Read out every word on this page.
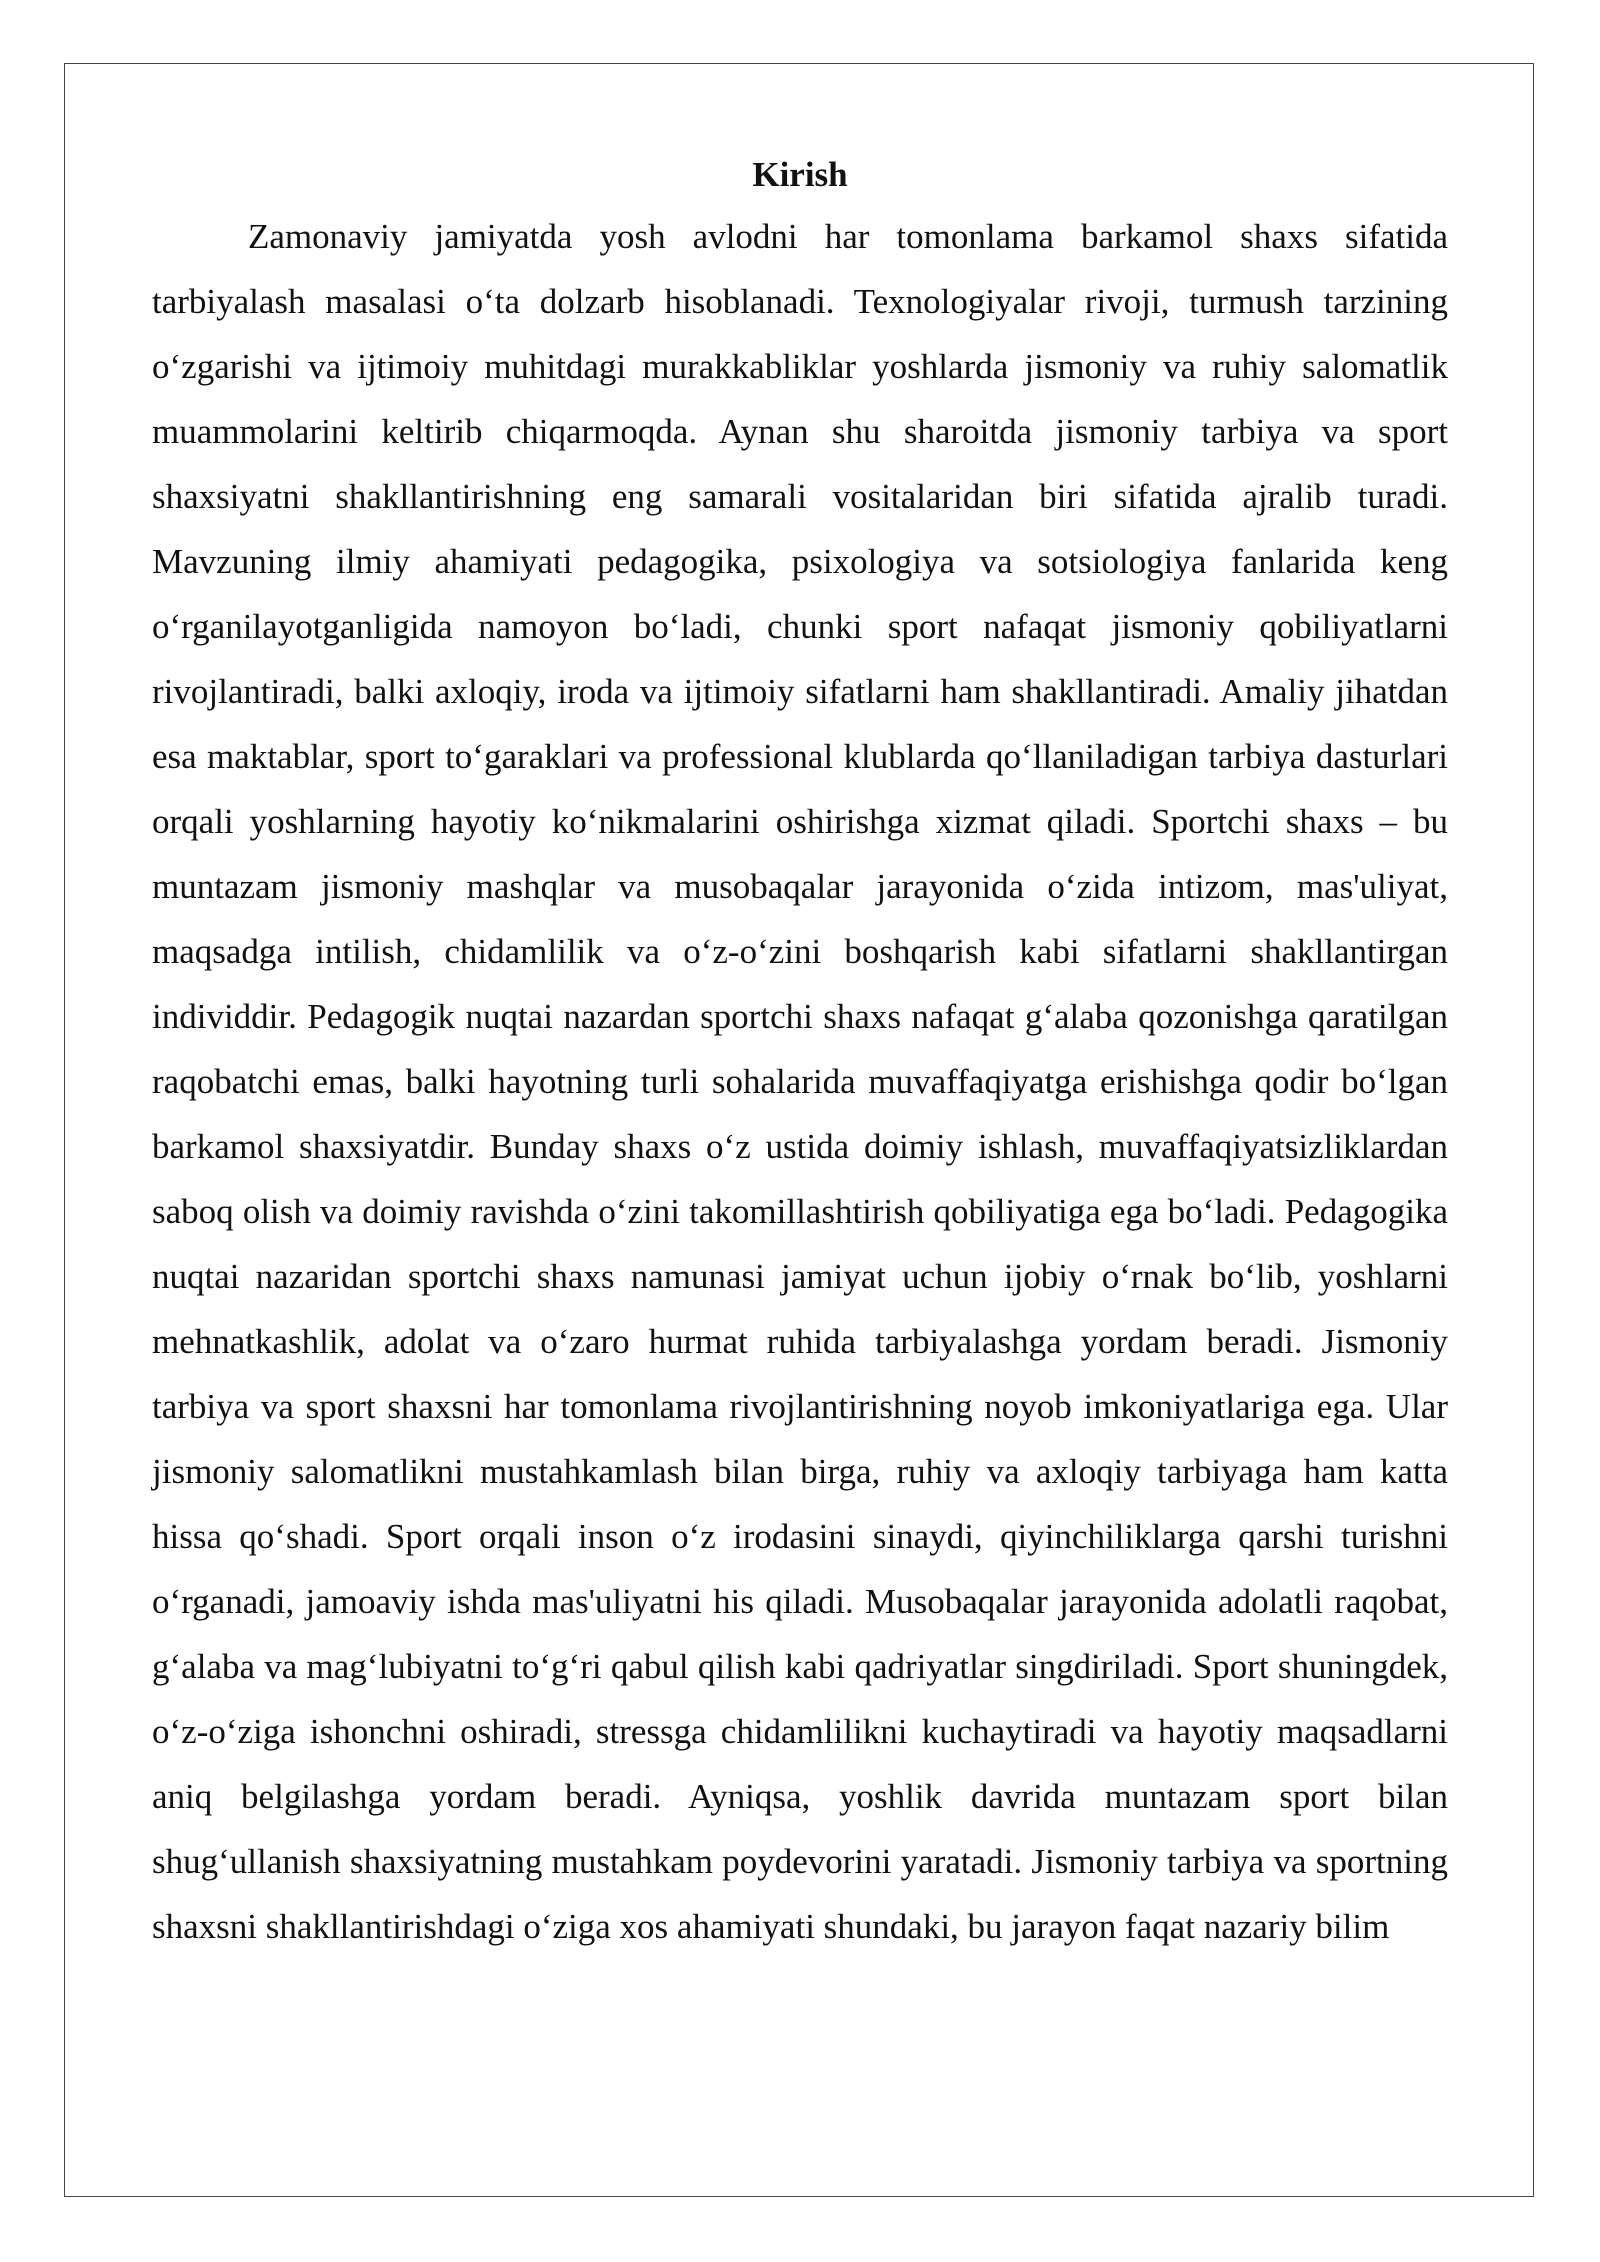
Kirish

Zamonaviy jamiyatda yosh avlodni har tomonlama barkamol shaxs sifatida tarbiyalash masalasi o‘ta dolzarb hisoblanadi. Texnologiyalar rivoji, turmush tarzining o‘zgarishi va ijtimoiy muhitdagi murakkabliklar yoshlarda jismoniy va ruhiy salomatlik muammolarini keltirib chiqarmoqda. Aynan shu sharoitda jismoniy tarbiya va sport shaxsiyatni shakllantirishning eng samarali vositalaridan biri sifatida ajralib turadi. Mavzuning ilmiy ahamiyati pedagogika, psixologiya va sotsiologiya fanlarida keng o‘rganilayotganligida namoyon bo‘ladi, chunki sport nafaqat jismoniy qobiliyatlarni rivojlantiradi, balki axloqiy, iroda va ijtimoiy sifatlarni ham shakllantiradi. Amaliy jihatdan esa maktablar, sport to‘garaklari va professional klublarda qo‘llaniladigan tarbiya dasturlari orqali yoshlarning hayotiy ko‘nikmalarini oshirishga xizmat qiladi. Sportchi shaxs – bu muntazam jismoniy mashqlar va musobaqalar jarayonida o‘zida intizom, mas'uliyat, maqsadga intilish, chidamlilik va o‘z-o‘zini boshqarish kabi sifatlarni shakllantirgan individdir. Pedagogik nuqtai nazardan sportchi shaxs nafaqat g‘alaba qozonishga qaratilgan raqobatchi emas, balki hayotning turli sohalarida muvaffaqiyatga erishishga qodir bo‘lgan barkamol shaxsiyatdir. Bunday shaxs o‘z ustida doimiy ishlash, muvaffaqiyatsizliklardan saboq olish va doimiy ravishda o‘zini takomillashtirish qobiliyatiga ega bo‘ladi. Pedagogika nuqtai nazaridan sportchi shaxs namunasi jamiyat uchun ijobiy o‘rnak bo‘lib, yoshlarni mehnatkashlik, adolat va o‘zaro hurmat ruhida tarbiyalashga yordam beradi. Jismoniy tarbiya va sport shaxsni har tomonlama rivojlantirishning noyob imkoniyatlariga ega. Ular jismoniy salomatlikni mustahkamlash bilan birga, ruhiy va axloqiy tarbiyaga ham katta hissa qo‘shadi. Sport orqali inson o‘z irodasini sinaydi, qiyinchiliklarga qarshi turishni o‘rganadi, jamoaviy ishda mas'uliyatni his qiladi. Musobaqalar jarayonida adolatli raqobat, g‘alaba va mag‘lubiyatni to‘g‘ri qabul qilish kabi qadriyatlar singdiriladi. Sport shuningdek, o‘z-o‘ziga ishonchni oshiradi, stressga chidamlilikni kuchaytiradi va hayotiy maqsadlarni aniq belgilashga yordam beradi. Ayniqsa, yoshlik davrida muntazam sport bilan shug‘ullanish shaxsiyatning mustahkam poydevorini yaratadi. Jismoniy tarbiya va sportning shaxsni shakllantirishdagi o‘ziga xos ahamiyati shundaki, bu jarayon faqat nazariy bilim
